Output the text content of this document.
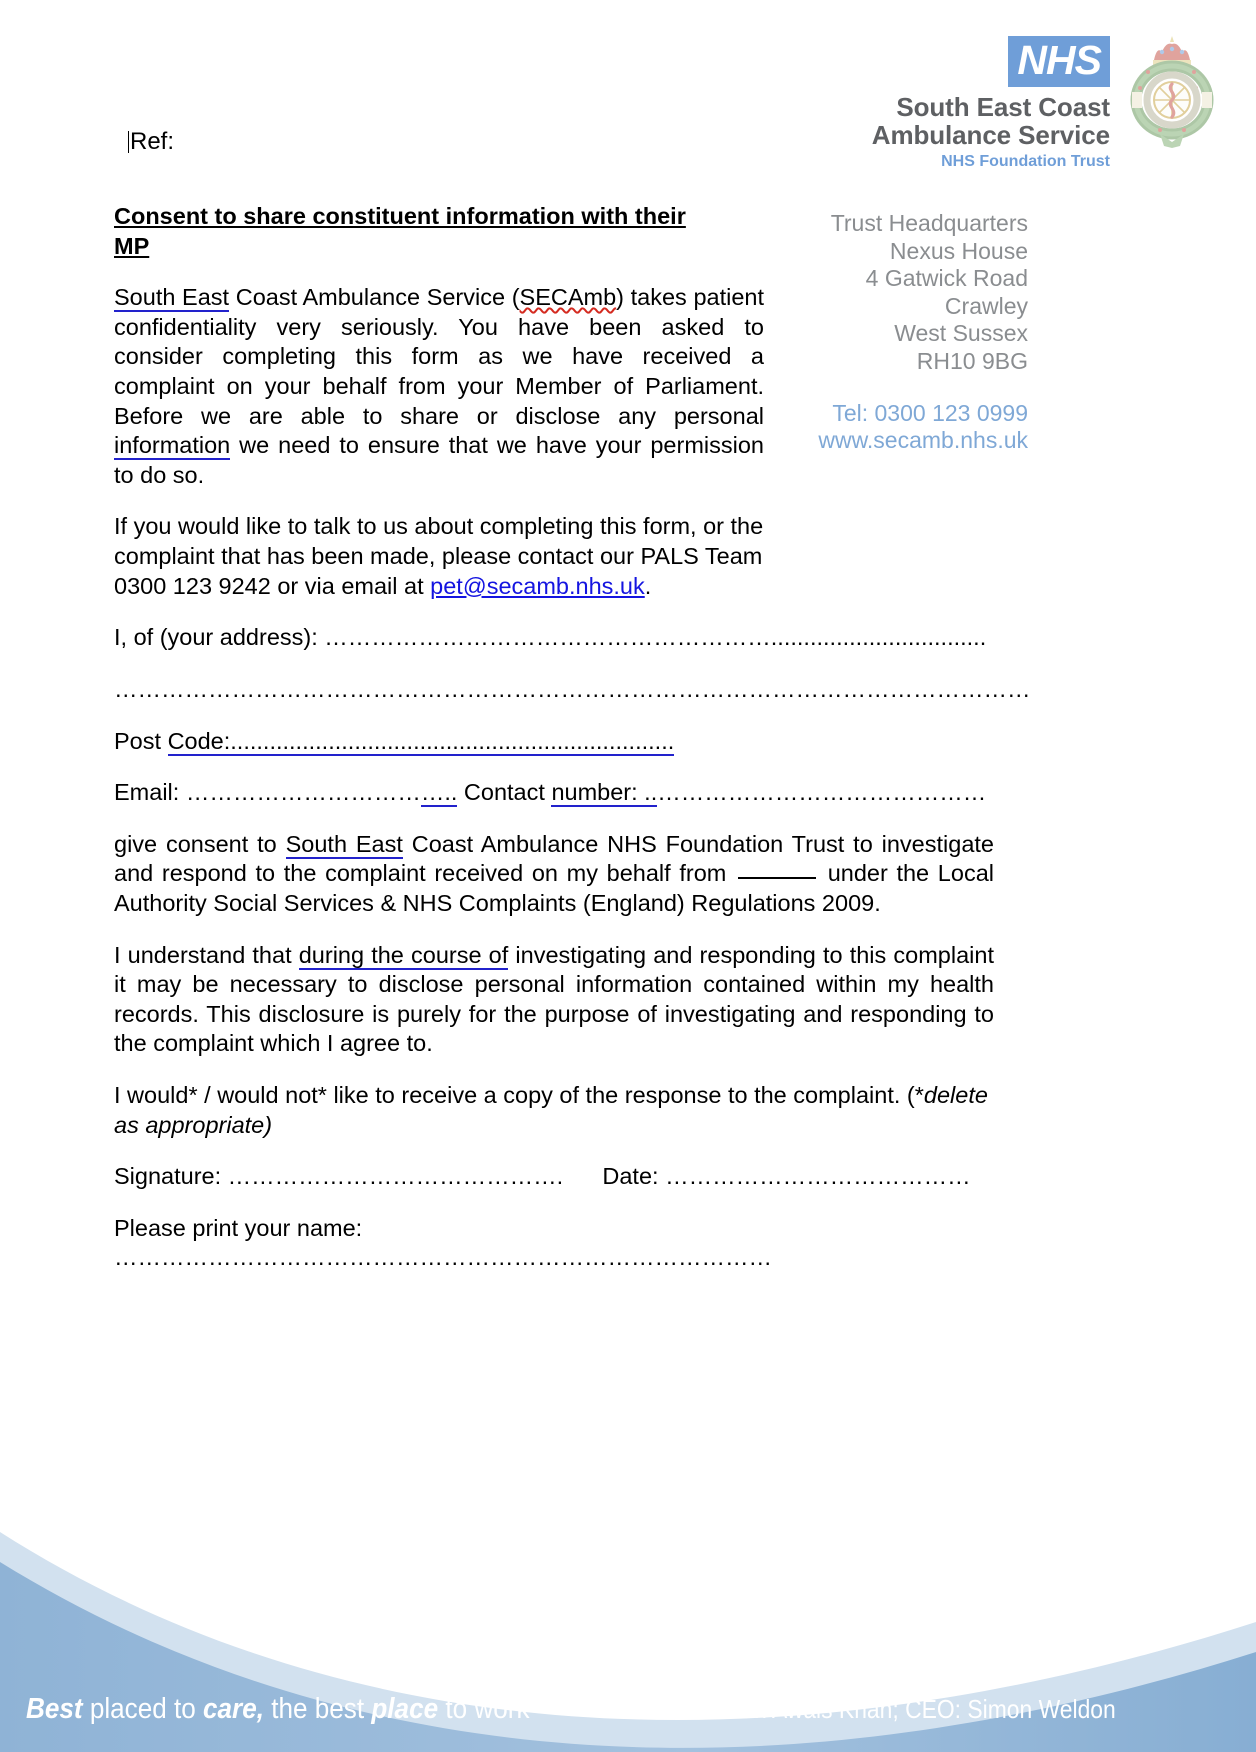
NHS
South East Coast
Ambulance Service
NHS Foundation Trust
Ref:
Trust Headquarters
Nexus House
4 Gatwick Road
Crawley
West Sussex
RH10 9BG
Tel: 0300 123 0999
www.secamb.nhs.uk
Consent to share constituent information with their MP

South East Coast Ambulance Service (SECAmb) takes patient confidentiality very seriously. You have been asked to consider completing this form as we have received a complaint on your behalf from your Member of Parliament. Before we are able to share or disclose any personal information we need to ensure that we have your permission to do so.

If you would like to talk to us about completing this form, or the complaint that has been made, please contact our PALS Team 0300 123 9242 or via email at pet@secamb.nhs.uk.

I, of (your address): ………………………………………………….................................

………………………………………………………………………………………………………

Post Code:....................................................................

Email: …………………………….. Contact number: ..……………………………………

give consent to South East Coast Ambulance NHS Foundation Trust to investigate and respond to the complaint received on my behalf from	under the Local Authority Social Services & NHS Complaints (England) Regulations 2009.

I understand that during the course of investigating and responding to this complaint it may be necessary to disclose personal information contained within my health records. This disclosure is purely for the purpose of investigating and responding to the complaint which I agree to.

I would* / would not* like to receive a copy of the response to the complaint. (*delete as appropriate)

Signature: ……………………………………. Date: …………………………………

Please print your name: …………………………………………………………………………

Best placed to care, the best place to work	Chair: Usman Awais Khan; CEO: Simon Weldon
